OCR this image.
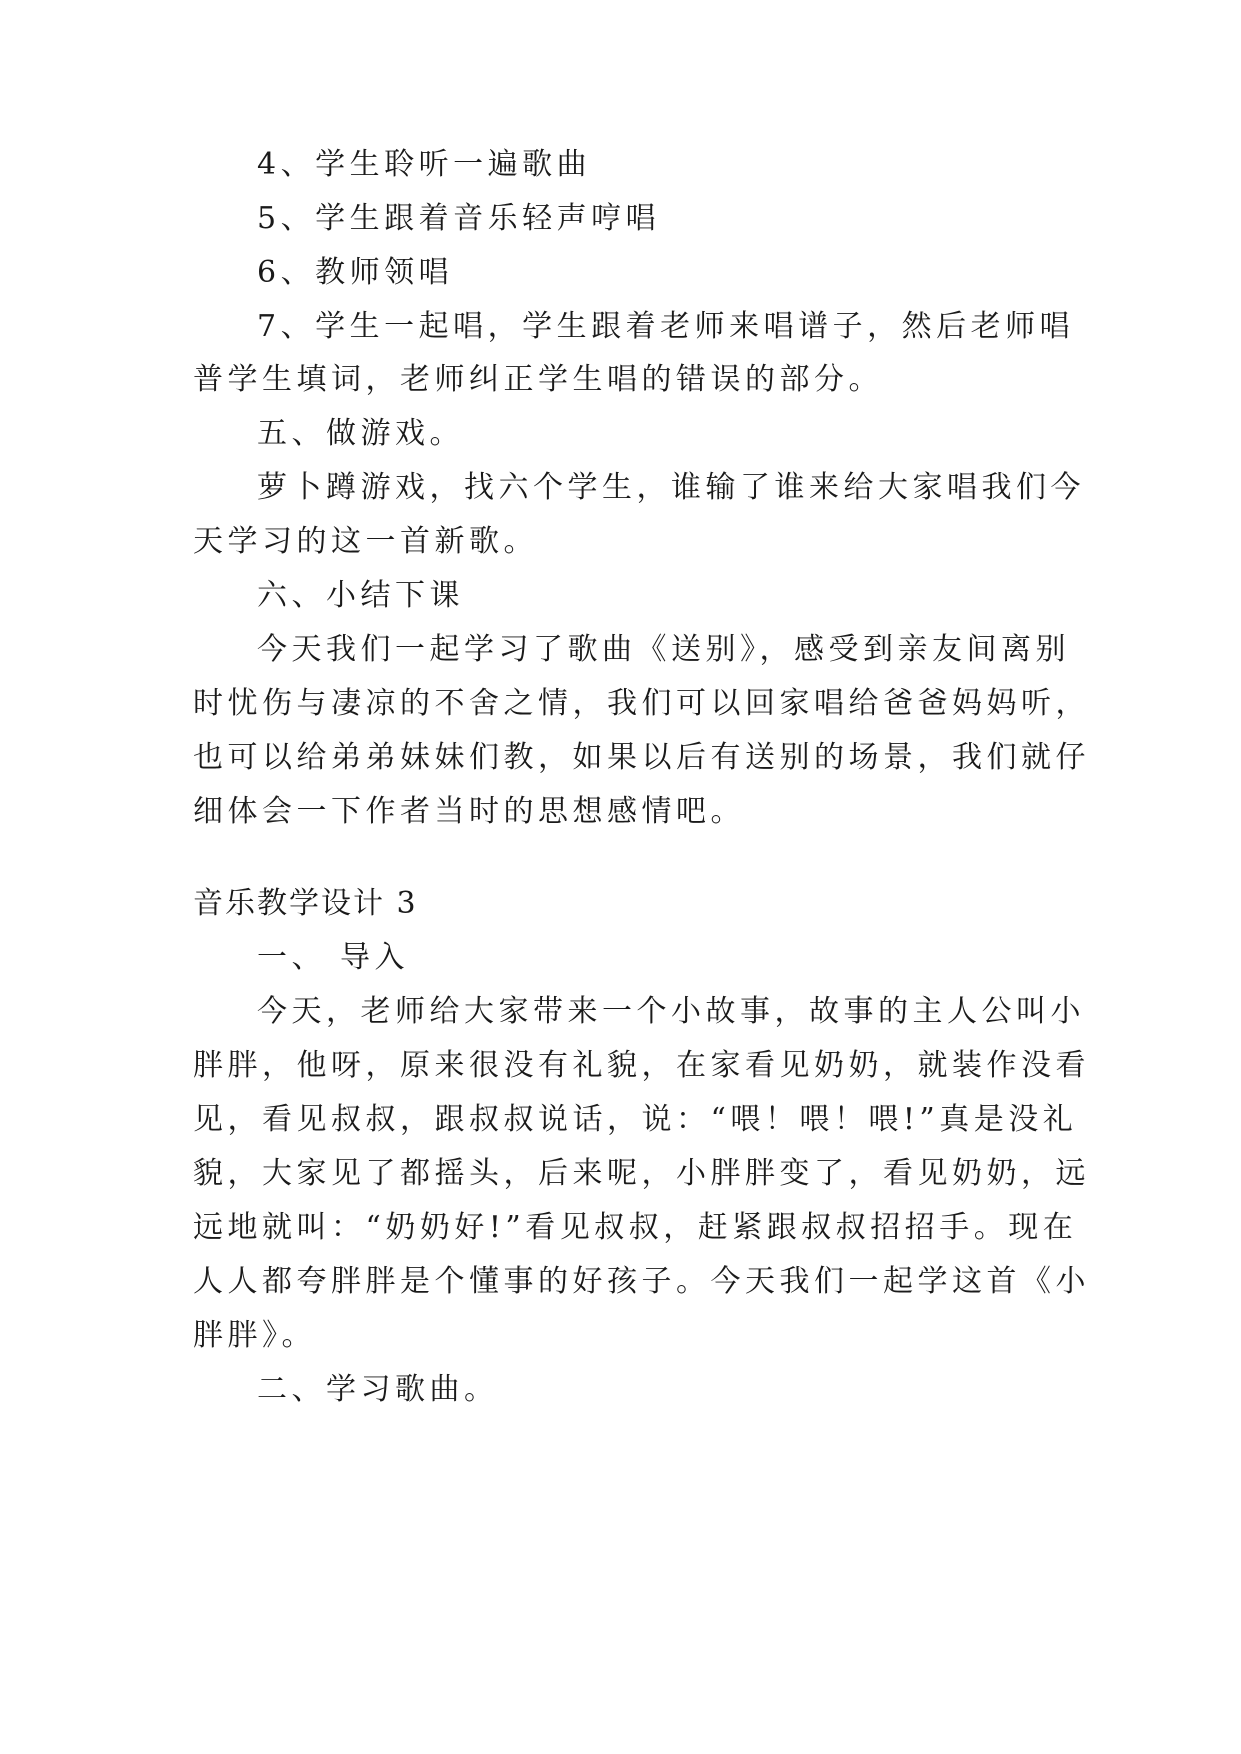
4、学生聆听一遍歌曲
5、学生跟着音乐轻声哼唱
6、教师领唱
7、学生一起唱，学生跟着老师来唱谱子，然后老师唱
普学生填词，老师纠正学生唱的错误的部分。
五、做游戏。
萝卜蹲游戏，找六个学生，谁输了谁来给大家唱我们今
天学习的这一首新歌。
六、小结下课
今天我们一起学习了歌曲《送别》，感受到亲友间离别
时忧伤与凄凉的不舍之情，我们可以回家唱给爸爸妈妈听，
也可以给弟弟妹妹们教，如果以后有送别的场景，我们就仔
细体会一下作者当时的思想感情吧。
音乐教学设计 3
一、 导入
今天，老师给大家带来一个小故事，故事的主人公叫小
胖胖，他呀，原来很没有礼貌，在家看见奶奶，就装作没看
见，看见叔叔，跟叔叔说话，说：“喂！喂！喂!”真是没礼
貌，大家见了都摇头，后来呢，小胖胖变了，看见奶奶，远
远地就叫：“奶奶好!”看见叔叔，赶紧跟叔叔招招手。现在
人人都夸胖胖是个懂事的好孩子。今天我们一起学这首《小
胖胖》。
二、学习歌曲。
